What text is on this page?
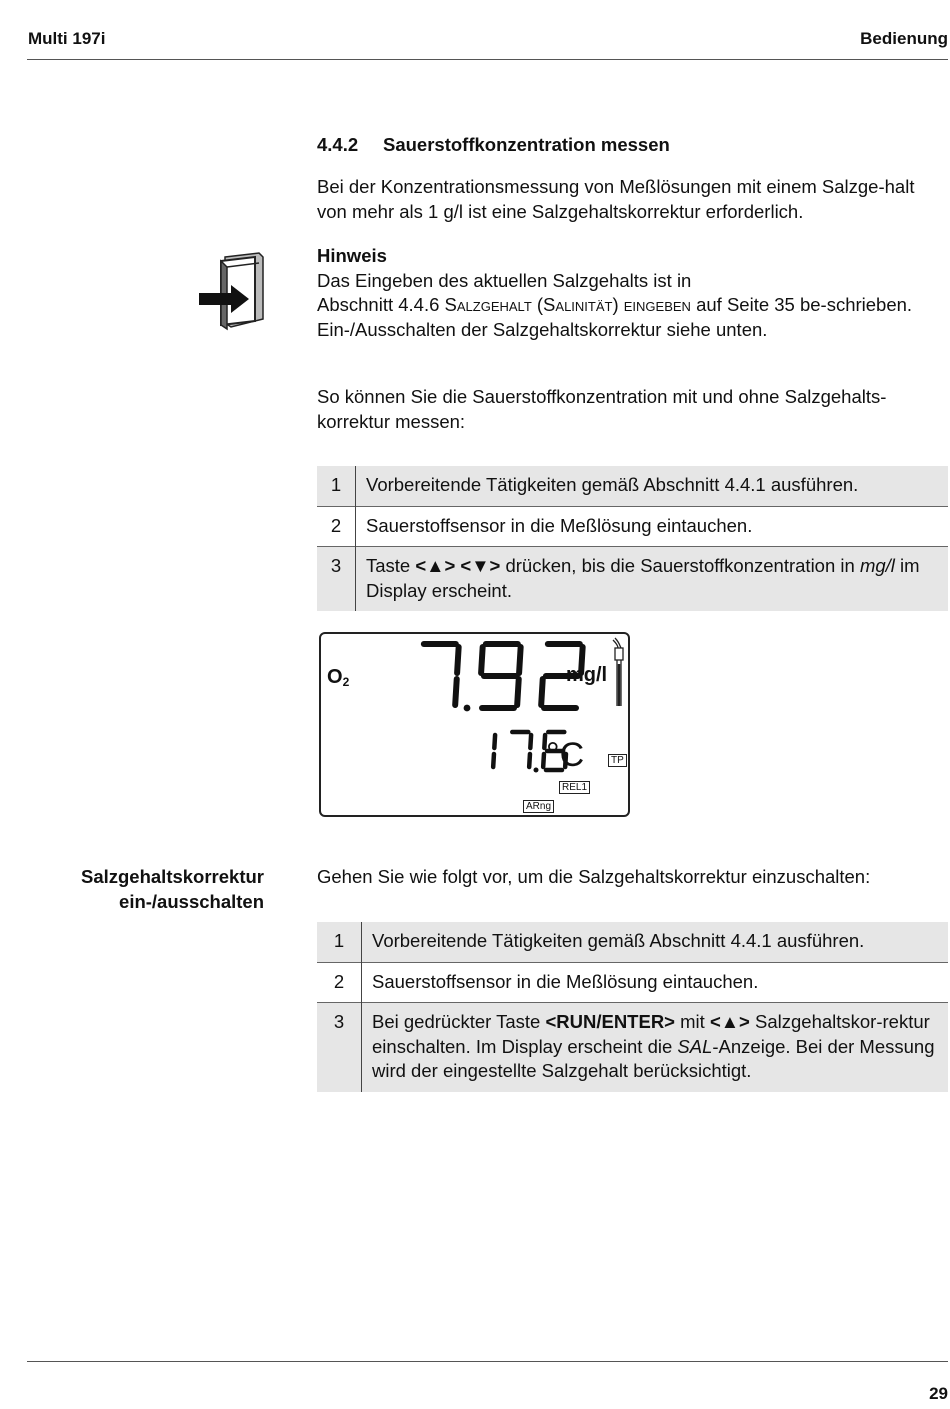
Multi 197i	Bedienung
4.4.2 Sauerstoffkonzentration messen
Bei der Konzentrationsmessung von Meßlösungen mit einem Salzge-halt von mehr als 1 g/l ist eine Salzgehaltskorrektur erforderlich.
Hinweis
Das Eingeben des aktuellen Salzgehalts ist in
Abschnitt 4.4.6 Salzgehalt (Salinität) eingeben auf Seite 35 be-schrieben.
Ein-/Ausschalten der Salzgehaltskorrektur siehe unten.
So können Sie die Sauerstoffkonzentration mit und ohne Salzgehalts-korrektur messen:
1	Vorbereitende Tätigkeiten gemäß Abschnitt 4.4.1 ausführen.
2	Sauerstoffsensor in die Meßlösung eintauchen.
3	Taste <▲> <▼> drücken, bis die Sauerstoffkonzentration in mg/l im Display erscheint.
$O_2$	mg/l
°C	TP
REL1
ARng
Salzgehaltskorrektur
ein-/ausschalten
Gehen Sie wie folgt vor, um die Salzgehaltskorrektur einzuschalten:
1	Vorbereitende Tätigkeiten gemäß Abschnitt 4.4.1 ausführen.
2	Sauerstoffsensor in die Meßlösung eintauchen.
3	Bei gedrückter Taste <RUN/ENTER> mit <▲> Salzgehaltskor-rektur einschalten. Im Display erscheint die SAL-Anzeige. Bei der Messung wird der eingestellte Salzgehalt berücksichtigt.
29
